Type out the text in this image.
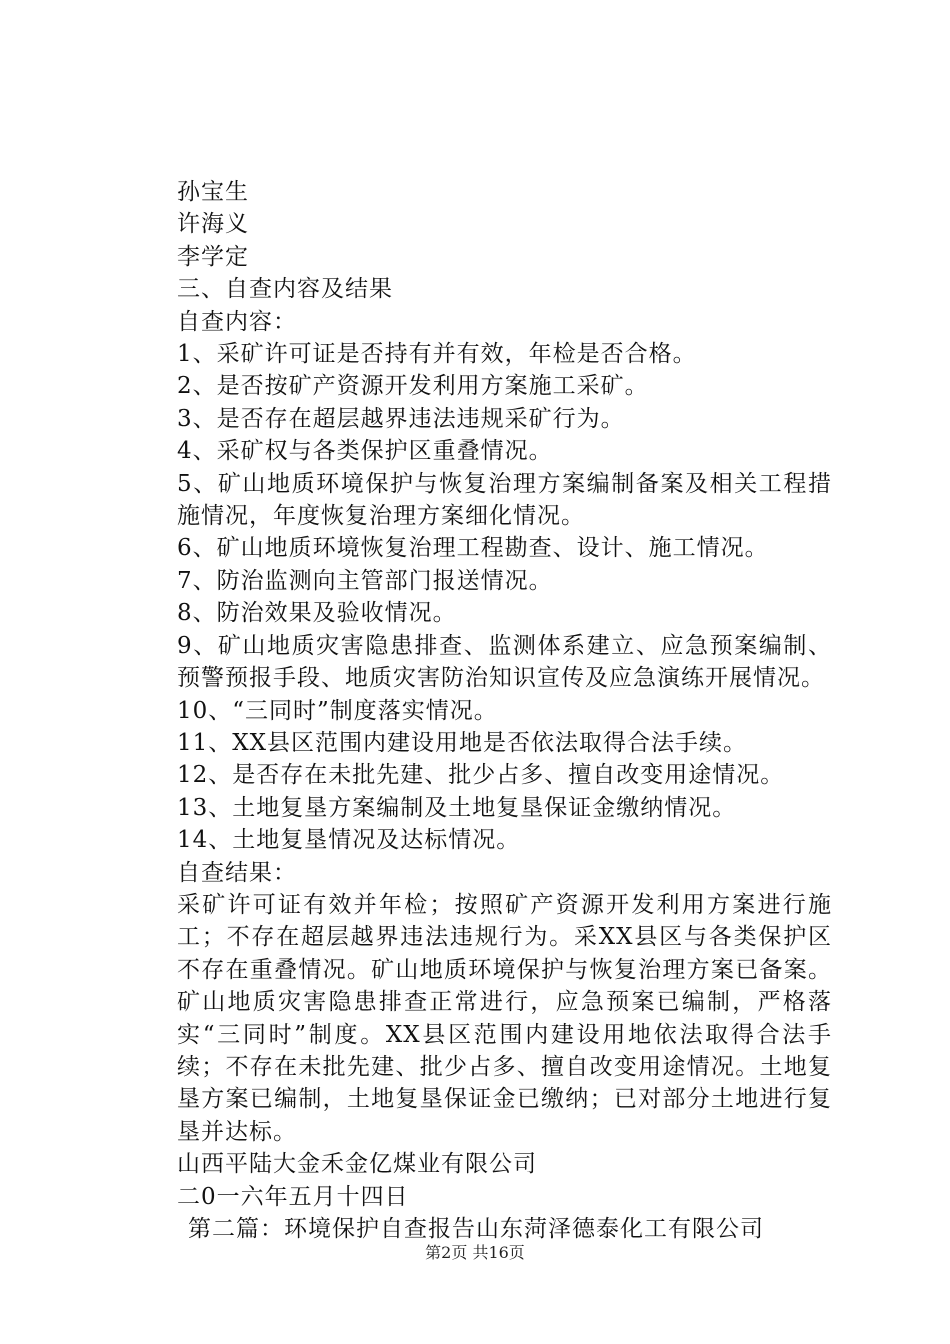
孙宝生
许海义
李学定
三、自查内容及结果
自查内容：
1、采矿许可证是否持有并有效，年检是否合格。
2、是否按矿产资源开发利用方案施工采矿。
3、是否存在超层越界违法违规采矿行为。
4、采矿权与各类保护区重叠情况。
5、矿山地质环境保护与恢复治理方案编制备案及相关工程措施情况，年度恢复治理方案细化情况。
6、矿山地质环境恢复治理工程勘查、设计、施工情况。
7、防治监测向主管部门报送情况。
8、防治效果及验收情况。
9、矿山地质灾害隐患排查、监测体系建立、应急预案编制、预警预报手段、地质灾害防治知识宣传及应急演练开展情况。
10、“三同时”制度落实情况。
11、XX县区范围内建设用地是否依法取得合法手续。
12、是否存在未批先建、批少占多、擅自改变用途情况。
13、土地复垦方案编制及土地复垦保证金缴纳情况。
14、土地复垦情况及达标情况。
自查结果：
采矿许可证有效并年检；按照矿产资源开发利用方案进行施工；不存在超层越界违法违规行为。采XX县区与各类保护区不存在重叠情况。矿山地质环境保护与恢复治理方案已备案。矿山地质灾害隐患排查正常进行，应急预案已编制，严格落实“三同时”制度。XX县区范围内建设用地依法取得合法手续；不存在未批先建、批少占多、擅自改变用途情况。土地复垦方案已编制，土地复垦保证金已缴纳；已对部分土地进行复垦并达标。
山西平陆大金禾金亿煤业有限公司
二0一六年五月十四日
第二篇：环境保护自查报告山东菏泽德泰化工有限公司
第2页 共16页
